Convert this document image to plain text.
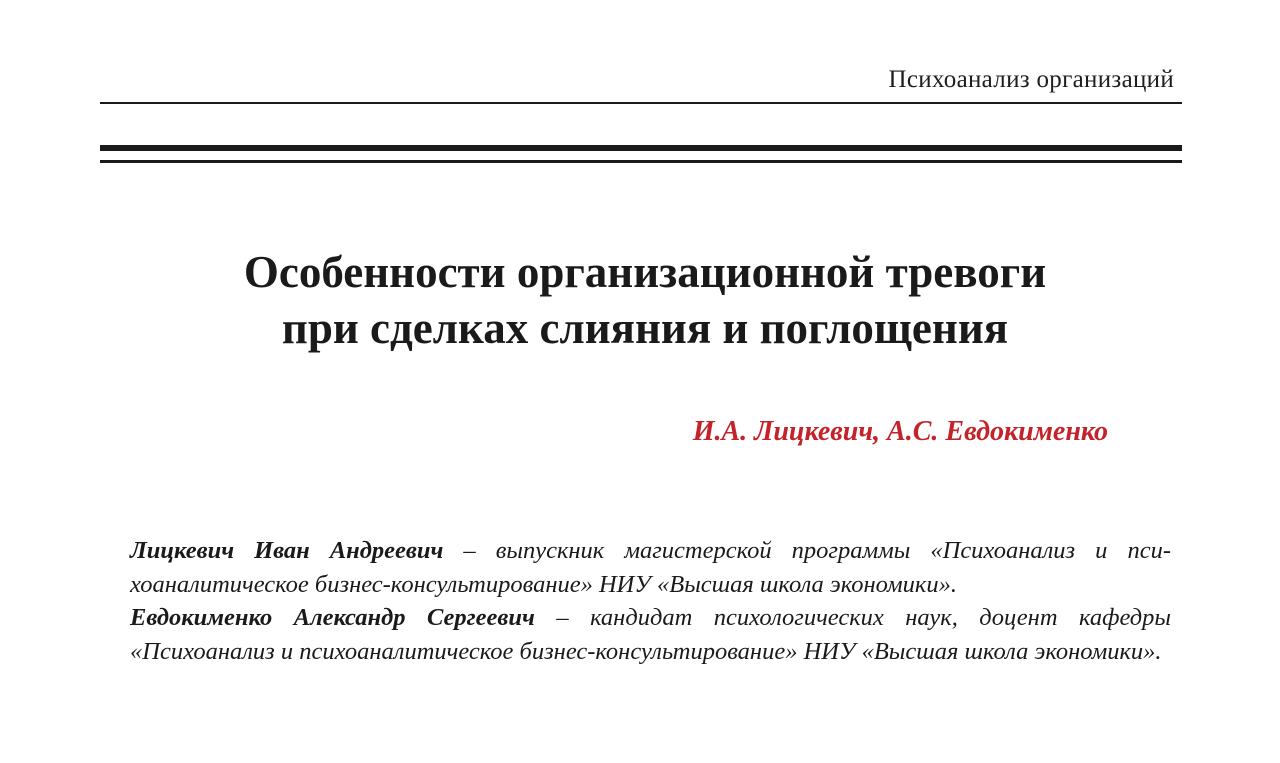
Психоанализ организаций
Особенности организационной тревоги
при сделках слияния и поглощения
И.А. Лицкевич, А.С. Евдокименко

Лицкевич Иван Андреевич – выпускник магистерской программы «Психоанализ и психоаналитическое бизнес-консультирование» НИУ «Высшая школа экономики».

Евдокименко Александр Сергеевич – кандидат психологических наук, доцент кафедры «Психоанализ и психоаналитическое бизнес-консультирование» НИУ «Высшая школа экономики».
